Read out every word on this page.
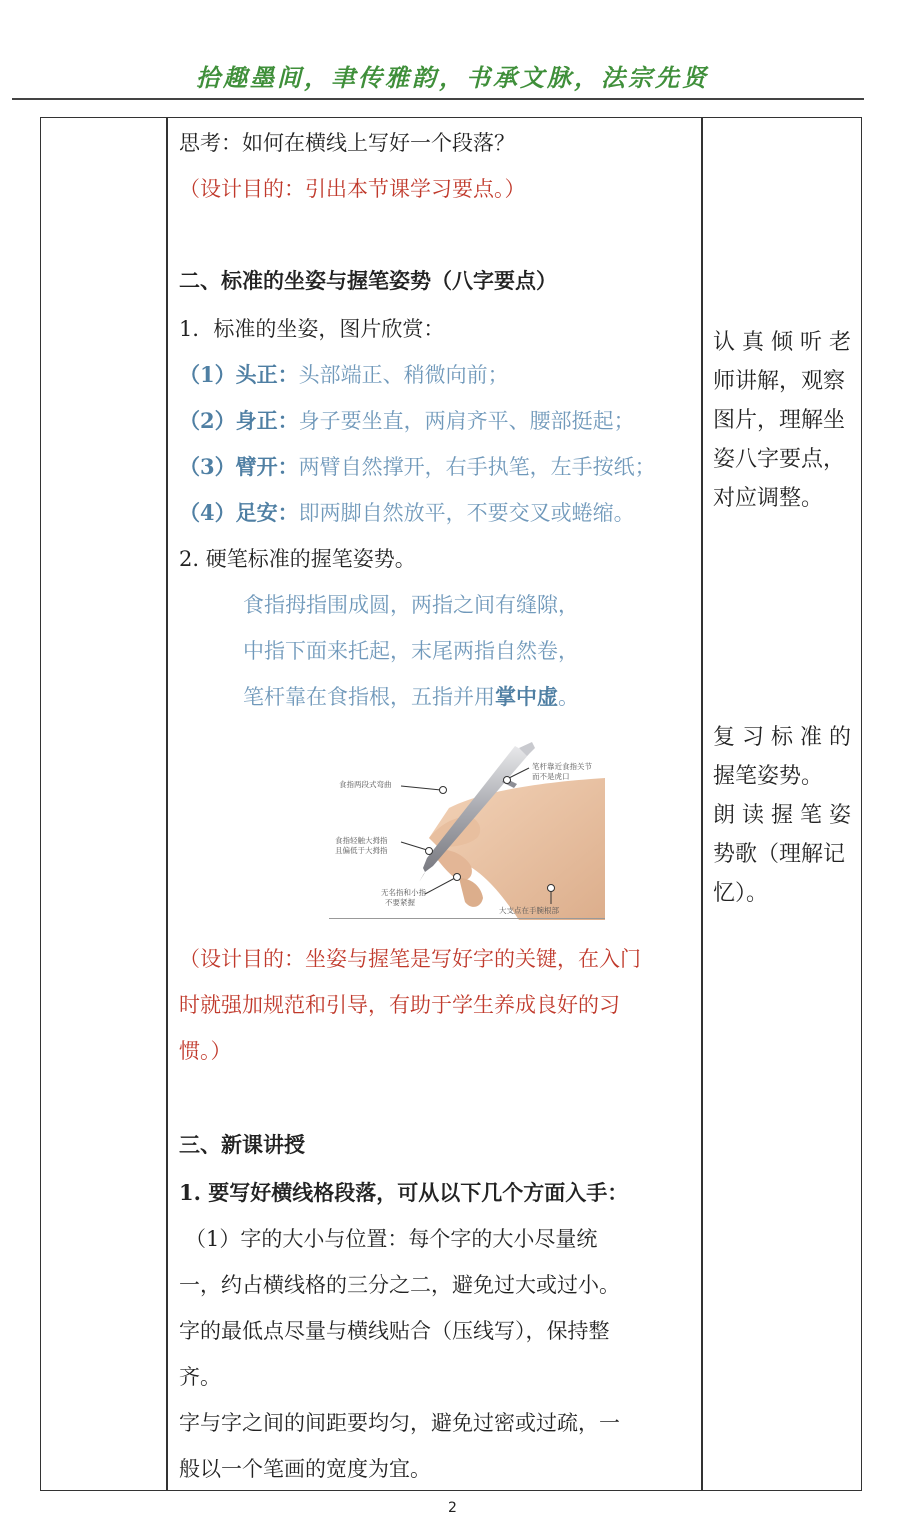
拾趣墨间，聿传雅韵，书承文脉，法宗先贤
思考：如何在横线上写好一个段落？
（设计目的：引出本节课学习要点。）
二、标准的坐姿与握笔姿势（八字要点）
1．标准的坐姿，图片欣赏：
（1）头正：头部端正、稍微向前；
（2）身正：身子要坐直，两肩齐平、腰部挺起；
（3）臂开：两臂自然撑开，右手执笔，左手按纸；
（4）足安：即两脚自然放平，不要交叉或蜷缩。
2. 硬笔标准的握笔姿势。
食指拇指围成圆，两指之间有缝隙，
中指下面来托起，末尾两指自然卷，
笔杆靠在食指根，五指并用掌中虚。
食指两段式弯曲
笔杆靠近食指关节
而不是虎口
食指轻触大拇指
且偏低于大拇指
无名指和小指
不要紧握
大支点在手腕根部
（设计目的：坐姿与握笔是写好字的关键，在入门
时就强加规范和引导，有助于学生养成良好的习
惯。）
三、新课讲授
1. 要写好横线格段落，可从以下几个方面入手：
（1）字的大小与位置：每个字的大小尽量统
一，约占横线格的三分之二，避免过大或过小。
字的最低点尽量与横线贴合（压线写），保持整
齐。
字与字之间的间距要均匀，避免过密或过疏，一
般以一个笔画的宽度为宜。
认 真 倾 听 老
师讲解，观察
图片，理解坐
姿八字要点，
对应调整。
复 习 标 准 的
握笔姿势。
朗 读 握 笔 姿
势歌（理解记
忆）。
2
